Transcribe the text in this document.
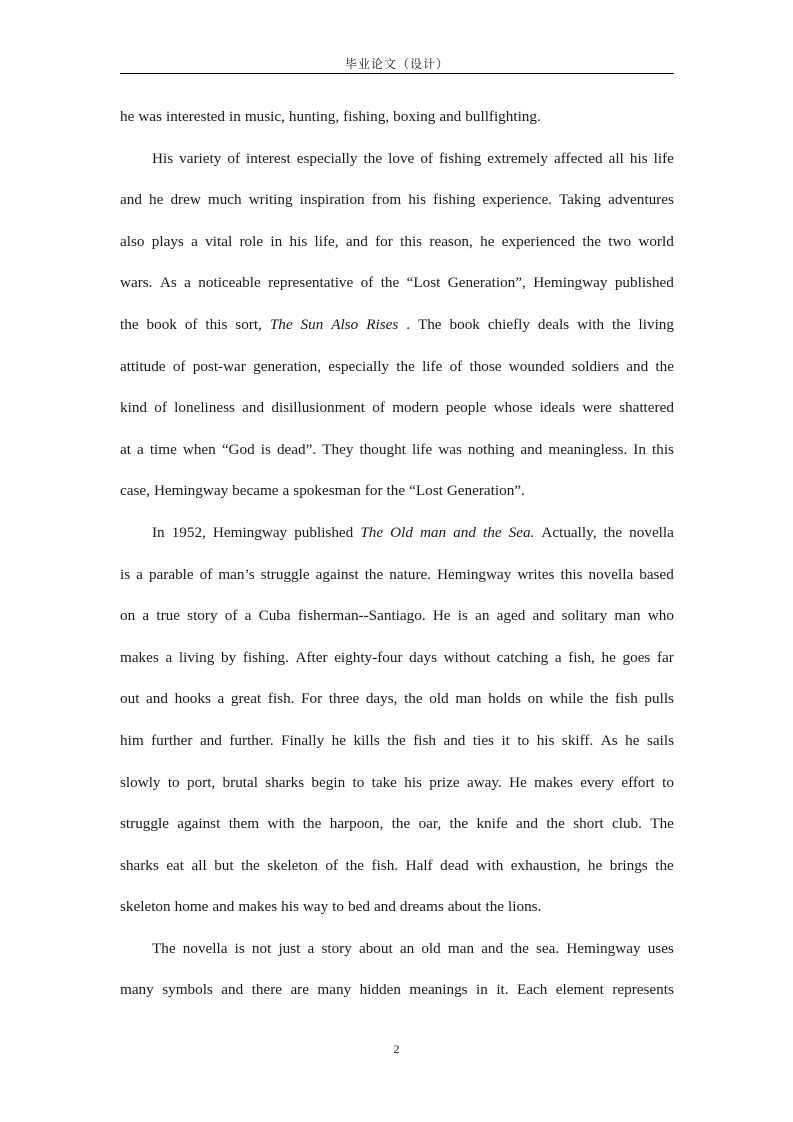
毕业论文（设计）
he was interested in music, hunting, fishing, boxing and bullfighting.
His variety of interest especially the love of fishing extremely affected all his life
and he drew much writing inspiration from his fishing experience. Taking adventures
also plays a vital role in his life, and for this reason, he experienced the two world
wars. As a noticeable representative of the “Lost Generation”, Hemingway published
the book of this sort, The Sun Also Rises . The book chiefly deals with the living
attitude of post-war generation, especially the life of those wounded soldiers and the
kind of loneliness and disillusionment of modern people whose ideals were shattered
at a time when “God is dead”. They thought life was nothing and meaningless. In this
case, Hemingway became a spokesman for the “Lost Generation”.
In 1952, Hemingway published The Old man and the Sea. Actually, the novella
is a parable of man’s struggle against the nature. Hemingway writes this novella based
on a true story of a Cuba fisherman--Santiago. He is an aged and solitary man who
makes a living by fishing. After eighty-four days without catching a fish, he goes far
out and hooks a great fish. For three days, the old man holds on while the fish pulls
him further and further. Finally he kills the fish and ties it to his skiff. As he sails
slowly to port, brutal sharks begin to take his prize away. He makes every effort to
struggle against them with the harpoon, the oar, the knife and the short club. The
sharks eat all but the skeleton of the fish. Half dead with exhaustion, he brings the
skeleton home and makes his way to bed and dreams about the lions.
The novella is not just a story about an old man and the sea. Hemingway uses
many symbols and there are many hidden meanings in it. Each element represents
2
